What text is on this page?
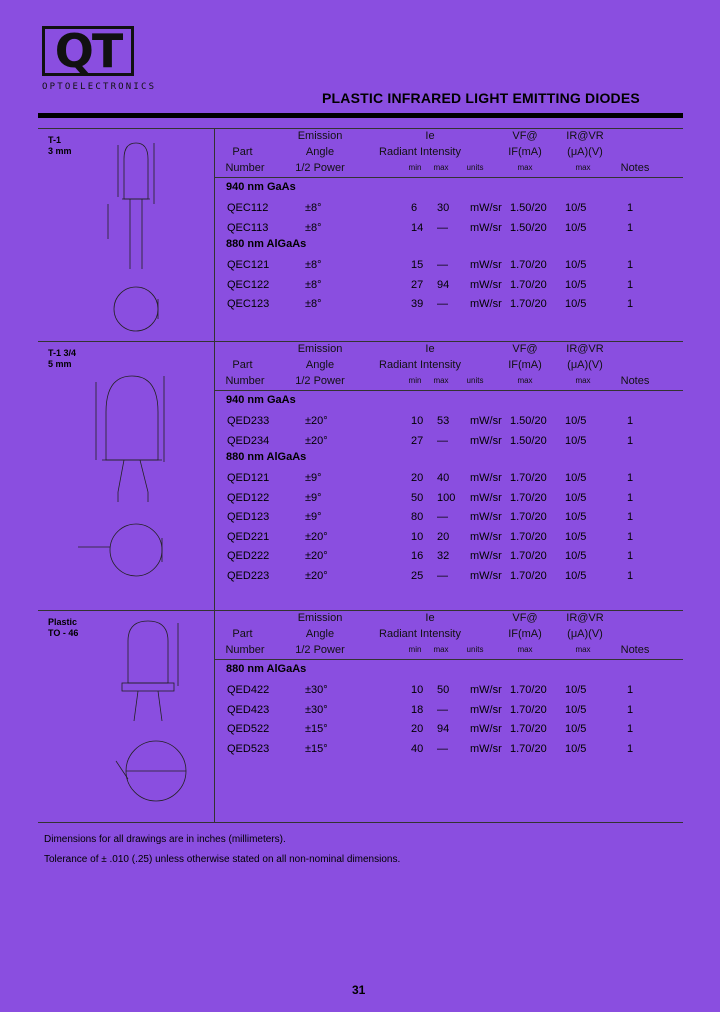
QT
OPTOELECTRONICS
PLASTIC INFRARED LIGHT EMITTING DIODES
T-1
3 mm
Emission	Ie	VF@	IR@VR
Part	Angle	Radiant Intensity	IF(mA)	(μA)(V)
Number	1/2 Power	min	max	units	max	max	Notes
940 nm GaAs
QEC112	±8°	6 30 mW/sr 1.50/20 10/5	1
QEC113	±8°	14 — mW/sr 1.50/20 10/5	1
880 nm AlGaAs
QEC121	±8°	15 — mW/sr 1.70/20 10/5	1
QEC122	±8°	27 94 mW/sr 1.70/20 10/5	1
QEC123	±8°	39 — mW/sr 1.70/20 10/5	1
T-1 3/4
5 mm
Emission	Ie	VF@	IR@VR
Part	Angle	Radiant Intensity	IF(mA)	(μA)(V)
Number	1/2 Power	min	max	units	max	max	Notes
940 nm GaAs
QED233	±20°	10 53 mW/sr 1.50/20 10/5	1
QED234	±20°	27 — mW/sr 1.50/20 10/5	1
880 nm AlGaAs
QED121	±9°	20 40 mW/sr 1.70/20 10/5	1
QED122	±9°	50 100 mW/sr 1.70/20 10/5	1
QED123	±9°	80 — mW/sr 1.70/20 10/5	1
QED221	±20°	10 20 mW/sr 1.70/20 10/5	1
QED222	±20°	16 32 mW/sr 1.70/20 10/5	1
QED223	±20°	25 — mW/sr 1.70/20 10/5	1
Plastic
TO - 46
Emission	Ie	VF@	IR@VR
Part	Angle	Radiant Intensity	IF(mA)	(μA)(V)
Number	1/2 Power	min	max	units	max	max	Notes
880 nm AlGaAs
QED422	±30°	10 50 mW/sr 1.70/20 10/5	1
QED423	±30°	18 — mW/sr 1.70/20 10/5	1
QED522	±15°	20 94 mW/sr 1.70/20 10/5	1
QED523	±15°	40 — mW/sr 1.70/20 10/5	1
Dimensions for all drawings are in inches (millimeters).
Tolerance of ± .010 (.25) unless otherwise stated on all non-nominal dimensions.
31
